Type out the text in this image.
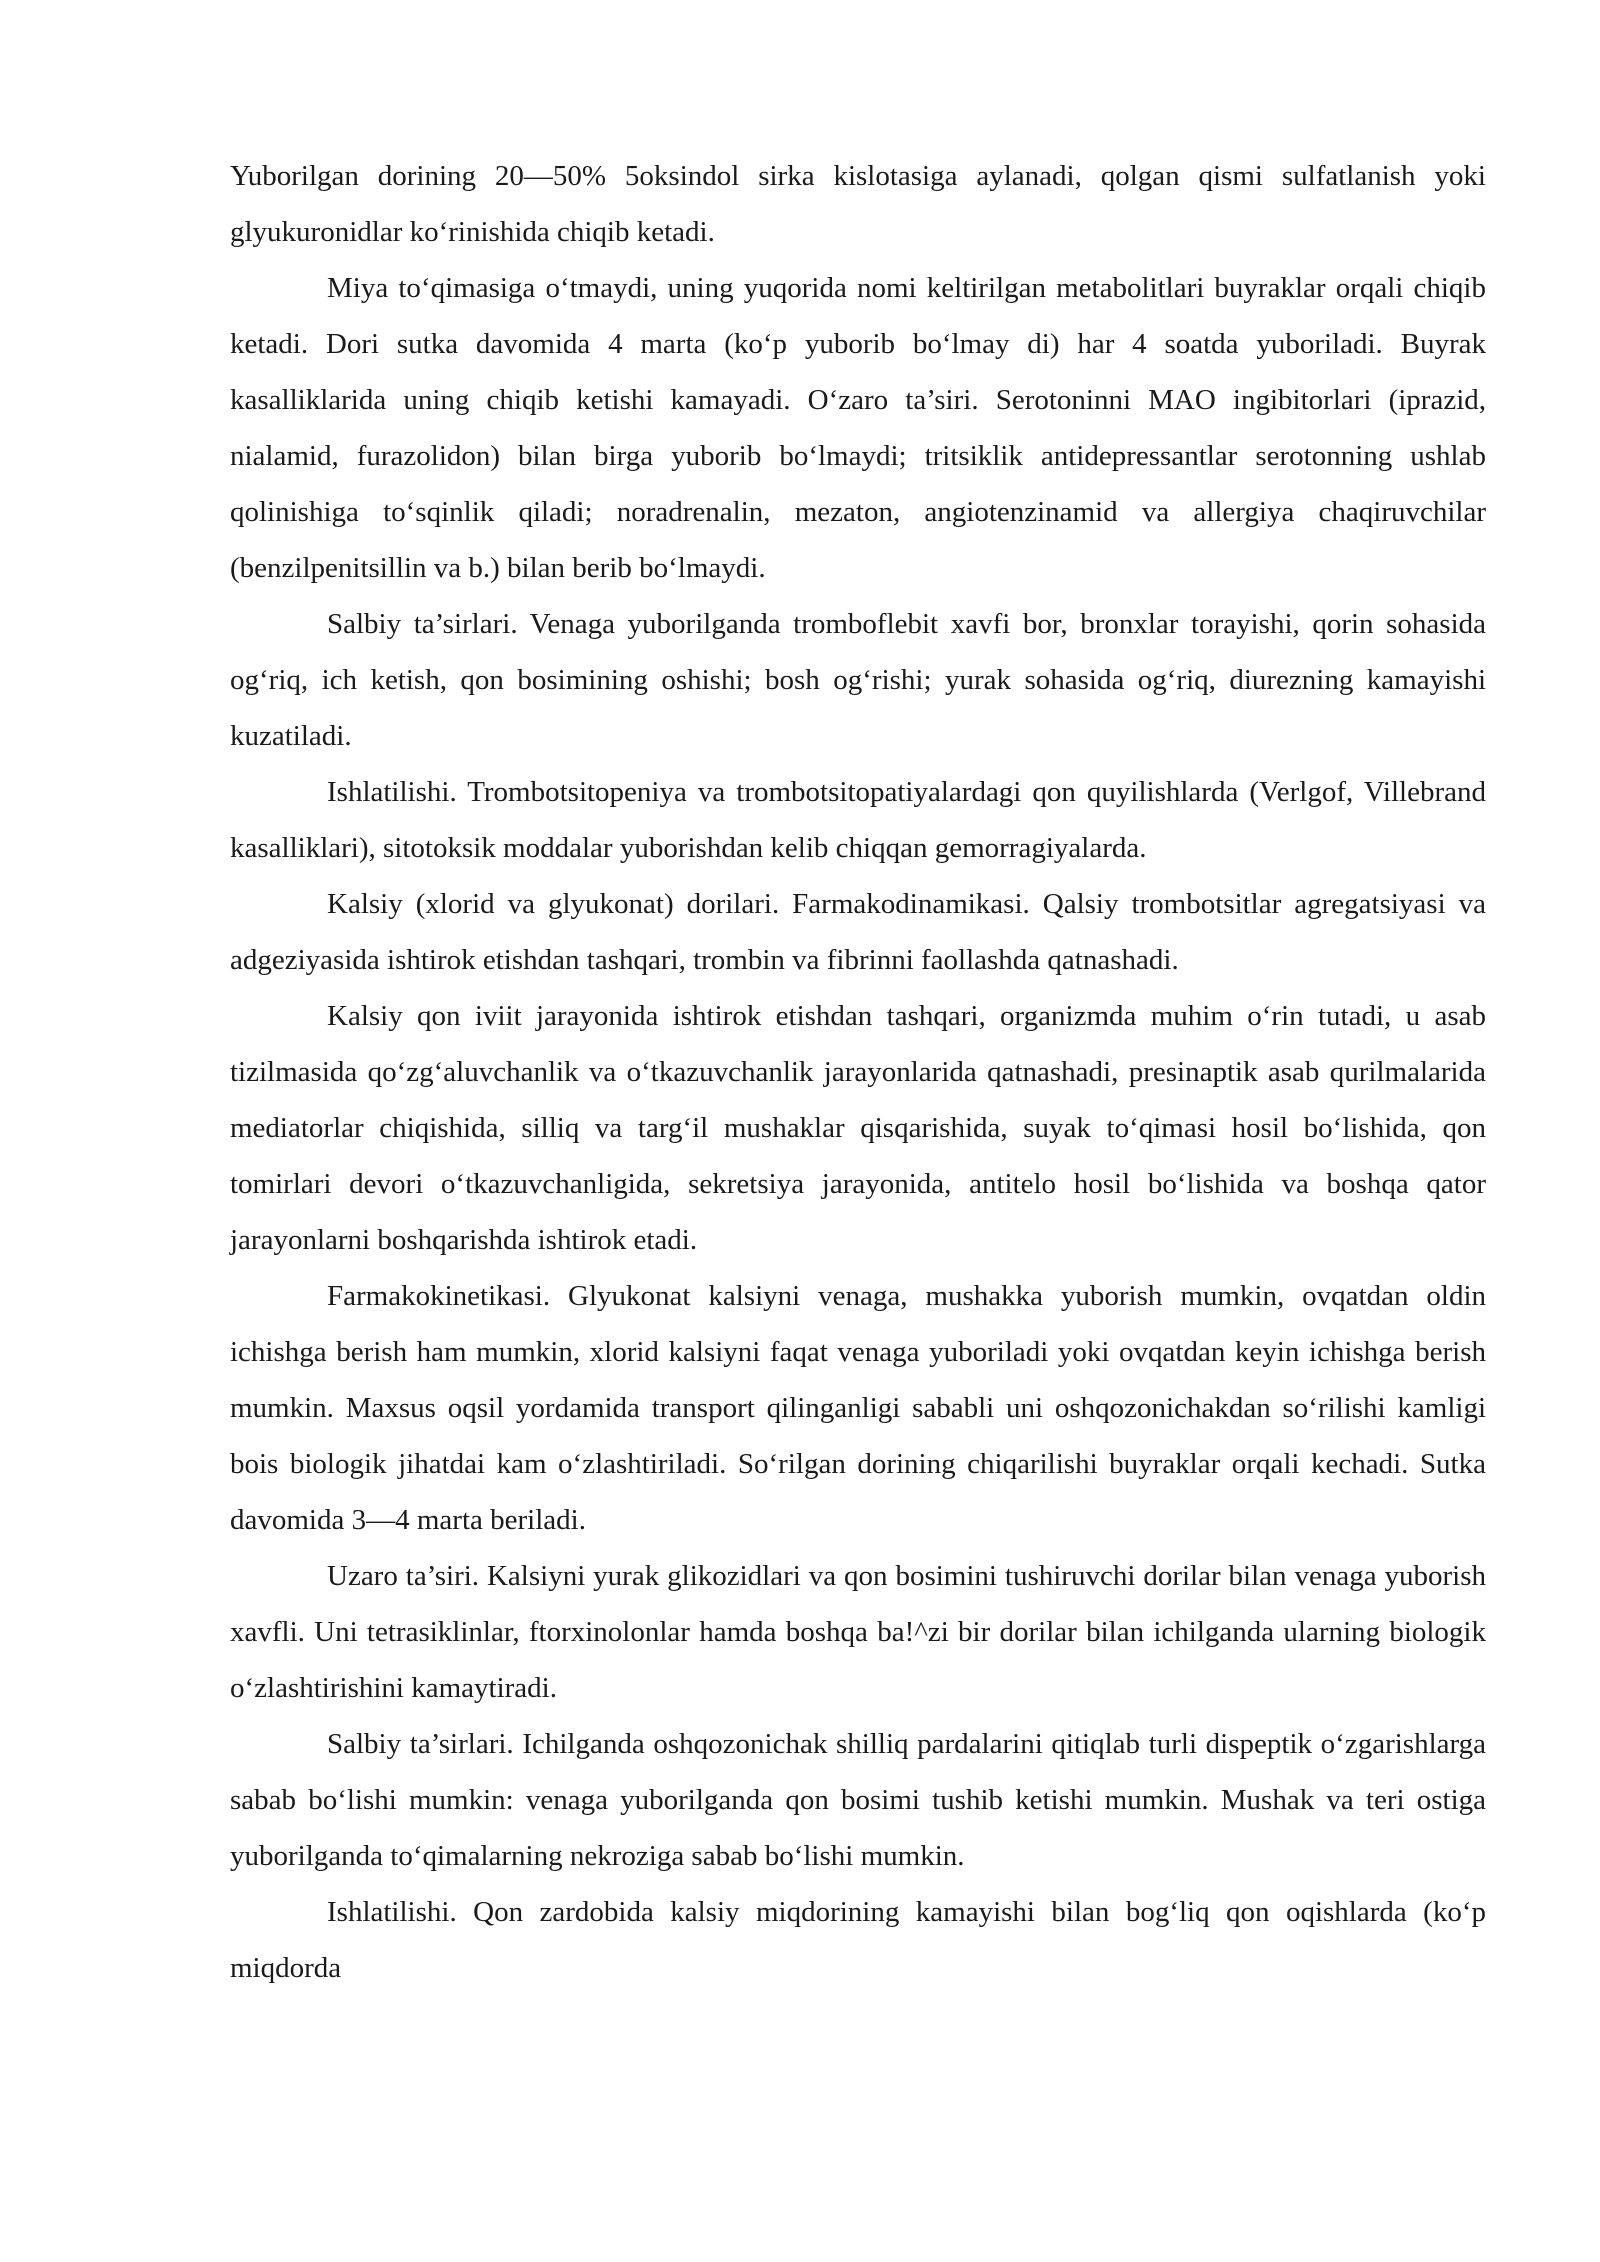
Yuborilgan dorining 20—50% 5oksindol sirka kislotasiga aylanadi, qolgan qismi sulfatlanish yoki glyukuronidlar ko‘rinishida chiqib ketadi.

Miya to‘qimasiga o‘tmaydi, uning yuqorida nomi keltirilgan metabolitlari buyraklar orqali chiqib ketadi. Dori sutka davomida 4 marta (ko‘p yuborib bo‘lmay di) har 4 soatda yuboriladi. Buyrak kasalliklarida uning chiqib ketishi kamayadi. O‘zaro ta’siri. Serotoninni MAO ingibitorlari (iprazid, nialamid, furazolidon) bilan birga yuborib bo‘lmaydi; tritsiklik antidepressantlar serotonning ushlab qolinishiga to‘sqinlik qiladi; noradrenalin, mezaton, angiotenzinamid va allergiya chaqiruvchilar (benzilpenitsillin va b.) bilan berib bo‘lmaydi.

Salbiy ta’sirlari. Venaga yuborilganda tromboflebit xavfi bor, bronxlar torayishi, qorin sohasida og‘riq, ich ketish, qon bosimining oshishi; bosh og‘rishi; yurak sohasida og‘riq, diurezning kamayishi kuzatiladi.

Ishlatilishi. Trombotsitopeniya va trombotsitopatiyalardagi qon quyilishlarda (Verlgof, Villebrand kasalliklari), sitotoksik moddalar yuborishdan kelib chiqqan gemorragiyalarda.

Kalsiy (xlorid va glyukonat) dorilari. Farmakodinamikasi. Qalsiy trombotsitlar agregatsiyasi va adgeziyasida ishtirok etishdan tashqari, trombin va fibrinni faollashda qatnashadi.

Kalsiy qon iviit jarayonida ishtirok etishdan tashqari, organizmda muhim o‘rin tutadi, u asab tizilmasida qo‘zg‘aluvchanlik va o‘tkazuvchanlik jarayonlarida qatnashadi, presinaptik asab qurilmalarida mediatorlar chiqishida, silliq va targ‘il mushaklar qisqarishida, suyak to‘qimasi hosil bo‘lishida, qon tomirlari devori o‘tkazuvchanligida, sekretsiya jarayonida, antitelo hosil bo‘lishida va boshqa qator jarayonlarni boshqarishda ishtirok etadi.

Farmakokinetikasi. Glyukonat kalsiyni venaga, mushakka yuborish mumkin, ovqatdan oldin ichishga berish ham mumkin, xlorid kalsiyni faqat venaga yuboriladi yoki ovqatdan keyin ichishga berish mumkin. Maxsus oqsil yordamida transport qilinganligi sababli uni oshqozonichakdan so‘rilishi kamligi bois biologik jihatdai kam o‘zlashtiriladi. So‘rilgan dorining chiqarilishi buyraklar orqali kechadi. Sutka davomida 3—4 marta beriladi.

Uzaro ta’siri. Kalsiyni yurak glikozidlari va qon bosimini tushiruvchi dorilar bilan venaga yuborish xavfli. Uni tetrasiklinlar, ftorxinolonlar hamda boshqa ba!^zi bir dorilar bilan ichilganda ularning biologik o‘zlashtirishini kamaytiradi.

Salbiy ta’sirlari. Ichilganda oshqozonichak shilliq pardalarini qitiqlab turli dispeptik o‘zgarishlarga sabab bo‘lishi mumkin: venaga yuborilganda qon bosimi tushib ketishi mumkin. Mushak va teri ostiga yuborilganda to‘qimalarning nekroziga sabab bo‘lishi mumkin.

Ishlatilishi. Qon zardobida kalsiy miqdorining kamayishi bilan bog‘liq qon oqishlarda (ko‘p miqdorda
